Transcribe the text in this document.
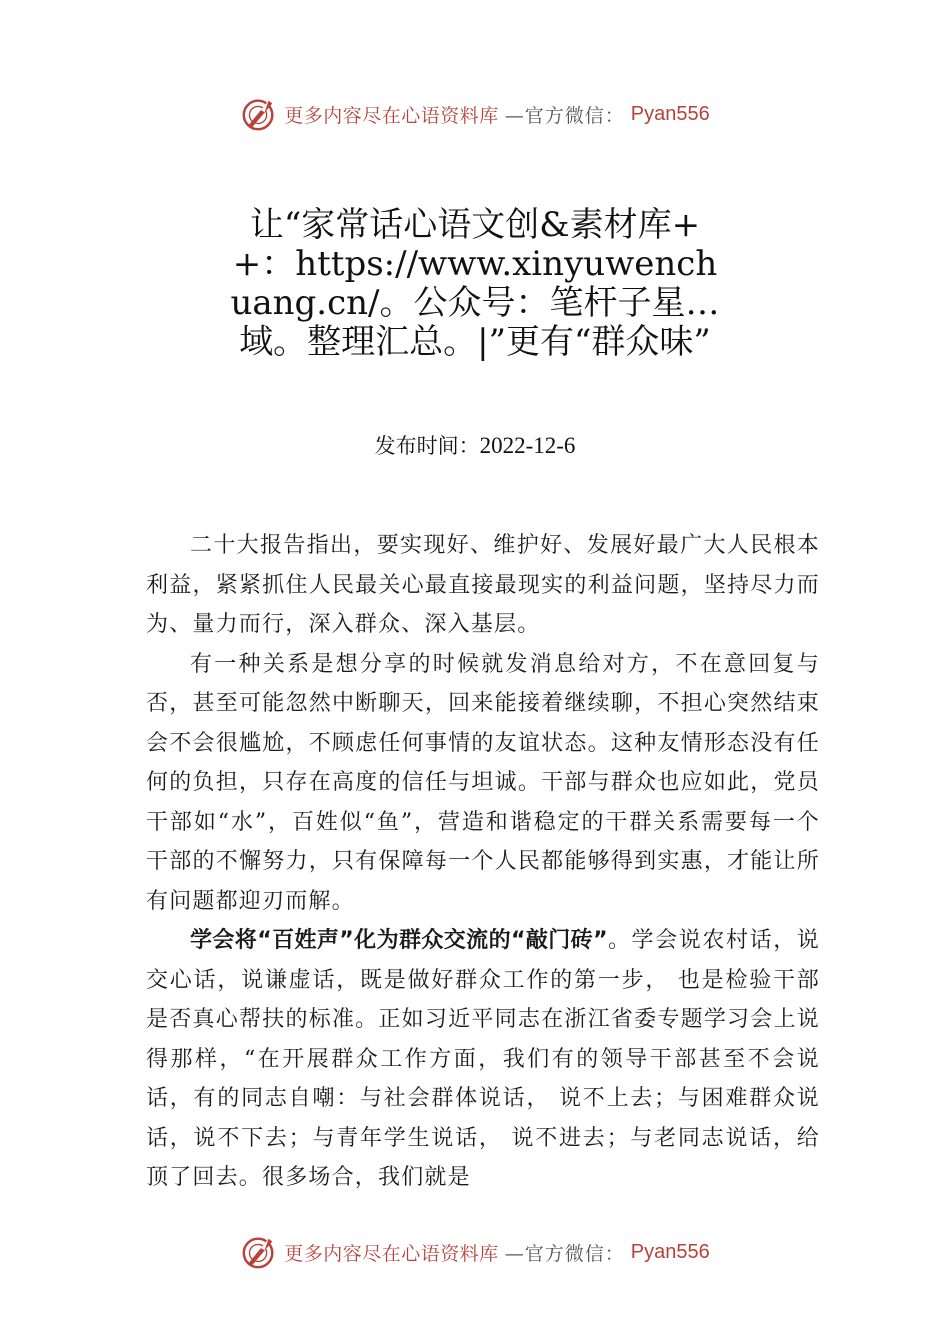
更多内容尽在心语资料库 —官方微信： Pyan556
让“家常话心语文创&素材库++：https://www.xinyuwenchuang.cn/。公众号：笔杆子星…域。整理汇总。|”更有“群众味”
发布时间：2022-12-6

二十大报告指出，要实现好、维护好、发展好最广大人民根本利益，紧紧抓住人民最关心最直接最现实的利益问题，坚持尽力而为、量力而行，深入群众、深入基层。

有一种关系是想分享的时候就发消息给对方，不在意回复与否，甚至可能忽然中断聊天，回来能接着继续聊，不担心突然结束会不会很尴尬，不顾虑任何事情的友谊状态。这种友情形态没有任何的负担，只存在高度的信任与坦诚。干部与群众也应如此，党员干部如“水”，百姓似“鱼”，营造和谐稳定的干群关系需要每一个干部的不懈努力，只有保障每一个人民都能够得到实惠，才能让所有问题都迎刃而解。

学会将“百姓声”化为群众交流的“敲门砖”。学会说农村话，说交心话，说谦虚话，既是做好群众工作的第一步， 也是检验干部是否真心帮扶的标准。正如习近平同志在浙江省委专题学习会上说得那样，“在开展群众工作方面，我们有的领导干部甚至不会说话，有的同志自嘲：与社会群体说话， 说不上去；与困难群众说话，说不下去；与青年学生说话， 说不进去；与老同志说话，给顶了回去。很多场合，我们就是

更多内容尽在心语资料库 —官方微信： Pyan556
